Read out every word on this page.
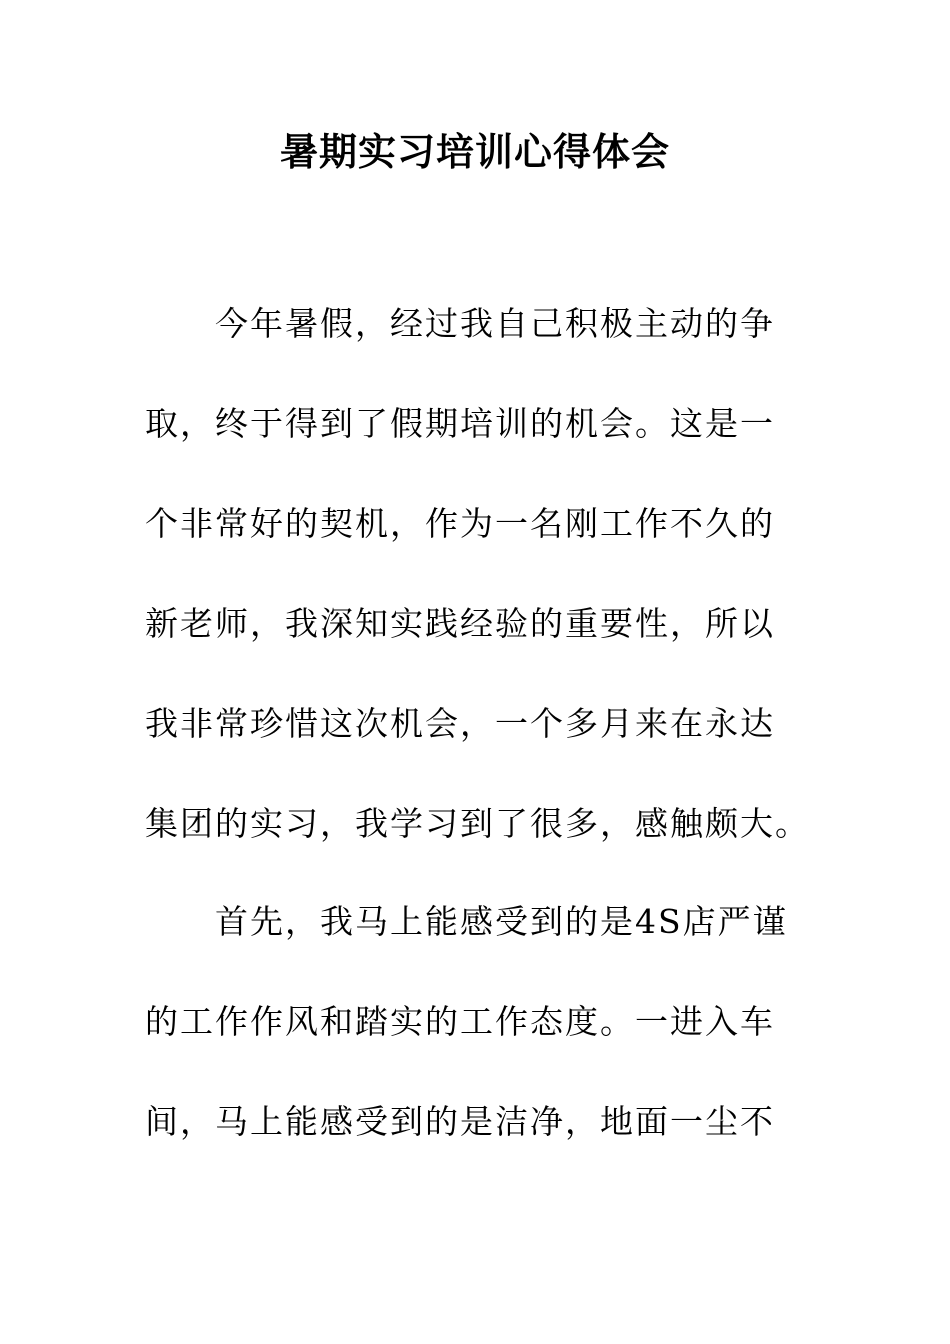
暑期实习培训心得体会

今年暑假，经过我自己积极主动的争

取，终于得到了假期培训的机会。这是一

个非常好的契机，作为一名刚工作不久的

新老师，我深知实践经验的重要性，所以

我非常珍惜这次机会，一个多月来在永达

集团的实习，我学习到了很多，感触颇大。

首先，我马上能感受到的是4S店严谨

的工作作风和踏实的工作态度。一进入车

间，马上能感受到的是洁净，地面一尘不
